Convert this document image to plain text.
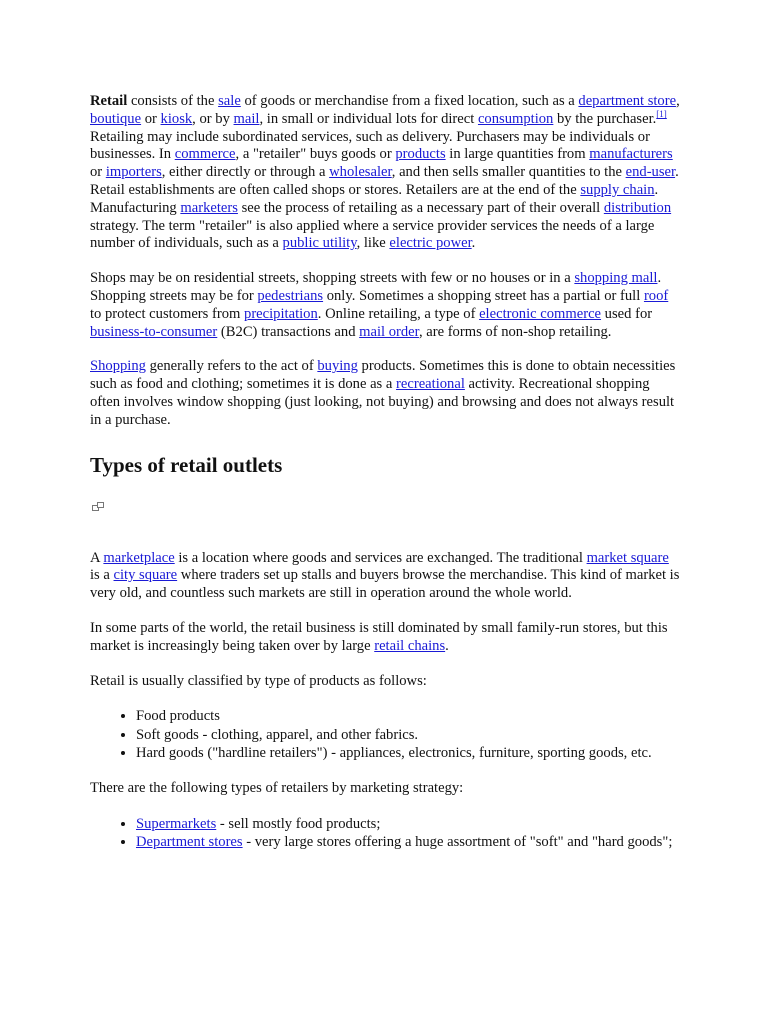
Retail consists of the sale of goods or merchandise from a fixed location, such as a department store, boutique or kiosk, or by mail, in small or individual lots for direct consumption by the purchaser.[1] Retailing may include subordinated services, such as delivery. Purchasers may be individuals or businesses. In commerce, a "retailer" buys goods or products in large quantities from manufacturers or importers, either directly or through a wholesaler, and then sells smaller quantities to the end-user. Retail establishments are often called shops or stores. Retailers are at the end of the supply chain. Manufacturing marketers see the process of retailing as a necessary part of their overall distribution strategy. The term "retailer" is also applied where a service provider services the needs of a large number of individuals, such as a public utility, like electric power.

Shops may be on residential streets, shopping streets with few or no houses or in a shopping mall. Shopping streets may be for pedestrians only. Sometimes a shopping street has a partial or full roof to protect customers from precipitation. Online retailing, a type of electronic commerce used for business-to-consumer (B2C) transactions and mail order, are forms of non-shop retailing.

Shopping generally refers to the act of buying products. Sometimes this is done to obtain necessities such as food and clothing; sometimes it is done as a recreational activity. Recreational shopping often involves window shopping (just looking, not buying) and browsing and does not always result in a purchase.

Types of retail outlets

A marketplace is a location where goods and services are exchanged. The traditional market square is a city square where traders set up stalls and buyers browse the merchandise. This kind of market is very old, and countless such markets are still in operation around the whole world.

In some parts of the world, the retail business is still dominated by small family-run stores, but this market is increasingly being taken over by large retail chains.

Retail is usually classified by type of products as follows:

• Food products
• Soft goods - clothing, apparel, and other fabrics.
• Hard goods ("hardline retailers") - appliances, electronics, furniture, sporting goods, etc.

There are the following types of retailers by marketing strategy:

• Supermarkets - sell mostly food products;
• Department stores - very large stores offering a huge assortment of "soft" and "hard goods";
